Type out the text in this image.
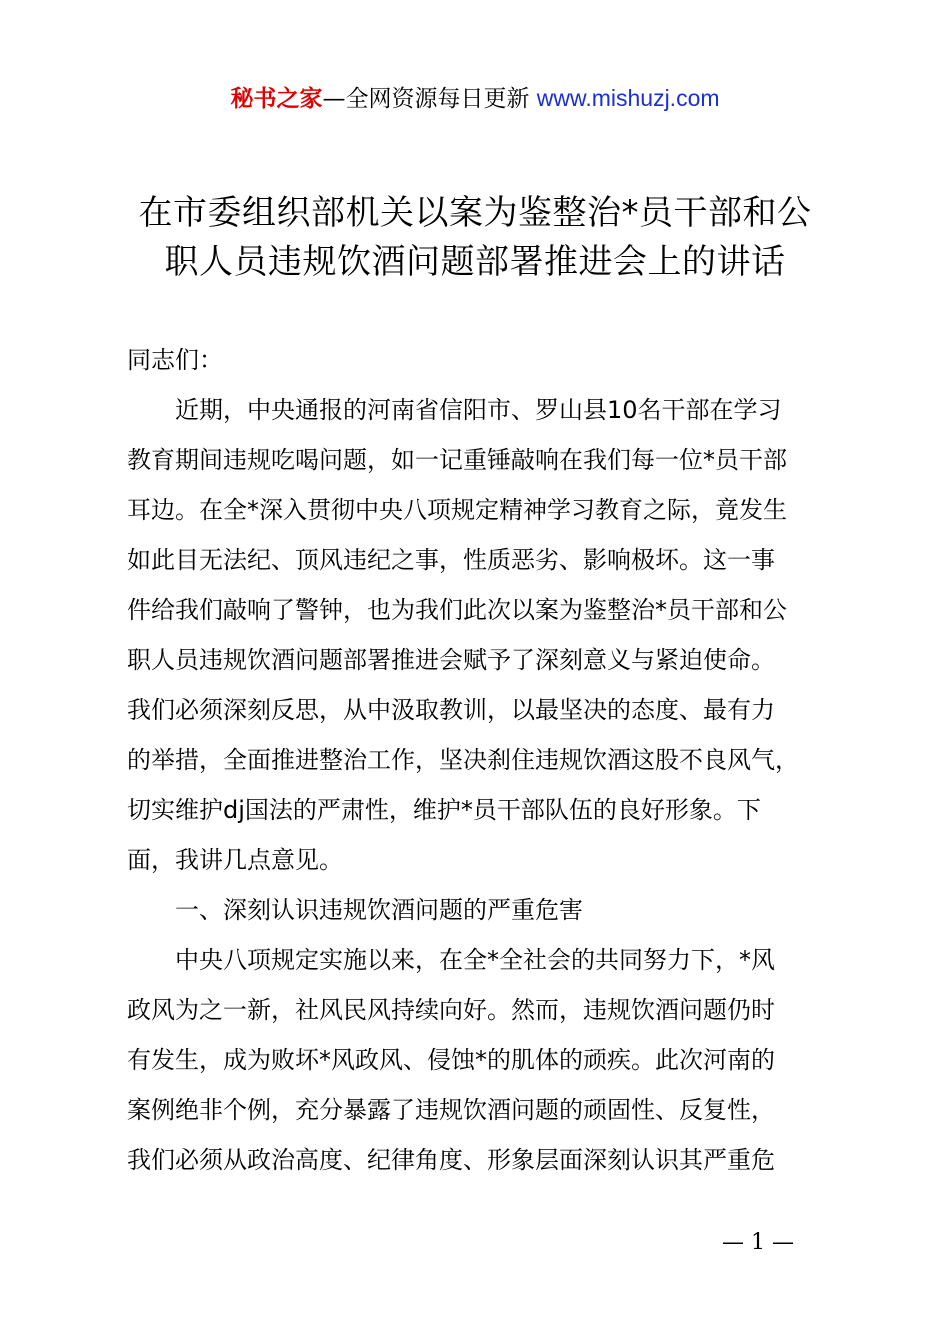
秘书之家—全网资源每日更新 www.mishuzj.com
在市委组织部机关以案为鉴整治*员干部和公
职人员违规饮酒问题部署推进会上的讲话
同志们：
　　近期，中央通报的河南省信阳市、罗山县10名干部在学习
教育期间违规吃喝问题，如一记重锤敲响在我们每一位*员干部
耳边。在全*深入贯彻中央八项规定精神学习教育之际，竟发生
如此目无法纪、顶风违纪之事，性质恶劣、影响极坏。这一事
件给我们敲响了警钟，也为我们此次以案为鉴整治*员干部和公
职人员违规饮酒问题部署推进会赋予了深刻意义与紧迫使命。
我们必须深刻反思，从中汲取教训，以最坚决的态度、最有力
的举措，全面推进整治工作，坚决刹住违规饮酒这股不良风气，
切实维护dj国法的严肃性，维护*员干部队伍的良好形象。下
面，我讲几点意见。
　　一、深刻认识违规饮酒问题的严重危害
　　中央八项规定实施以来，在全*全社会的共同努力下，*风
政风为之一新，社风民风持续向好。然而，违规饮酒问题仍时
有发生，成为败坏*风政风、侵蚀*的肌体的顽疾。此次河南的
案例绝非个例，充分暴露了违规饮酒问题的顽固性、反复性，
我们必须从政治高度、纪律角度、形象层面深刻认识其严重危
— 1 —
